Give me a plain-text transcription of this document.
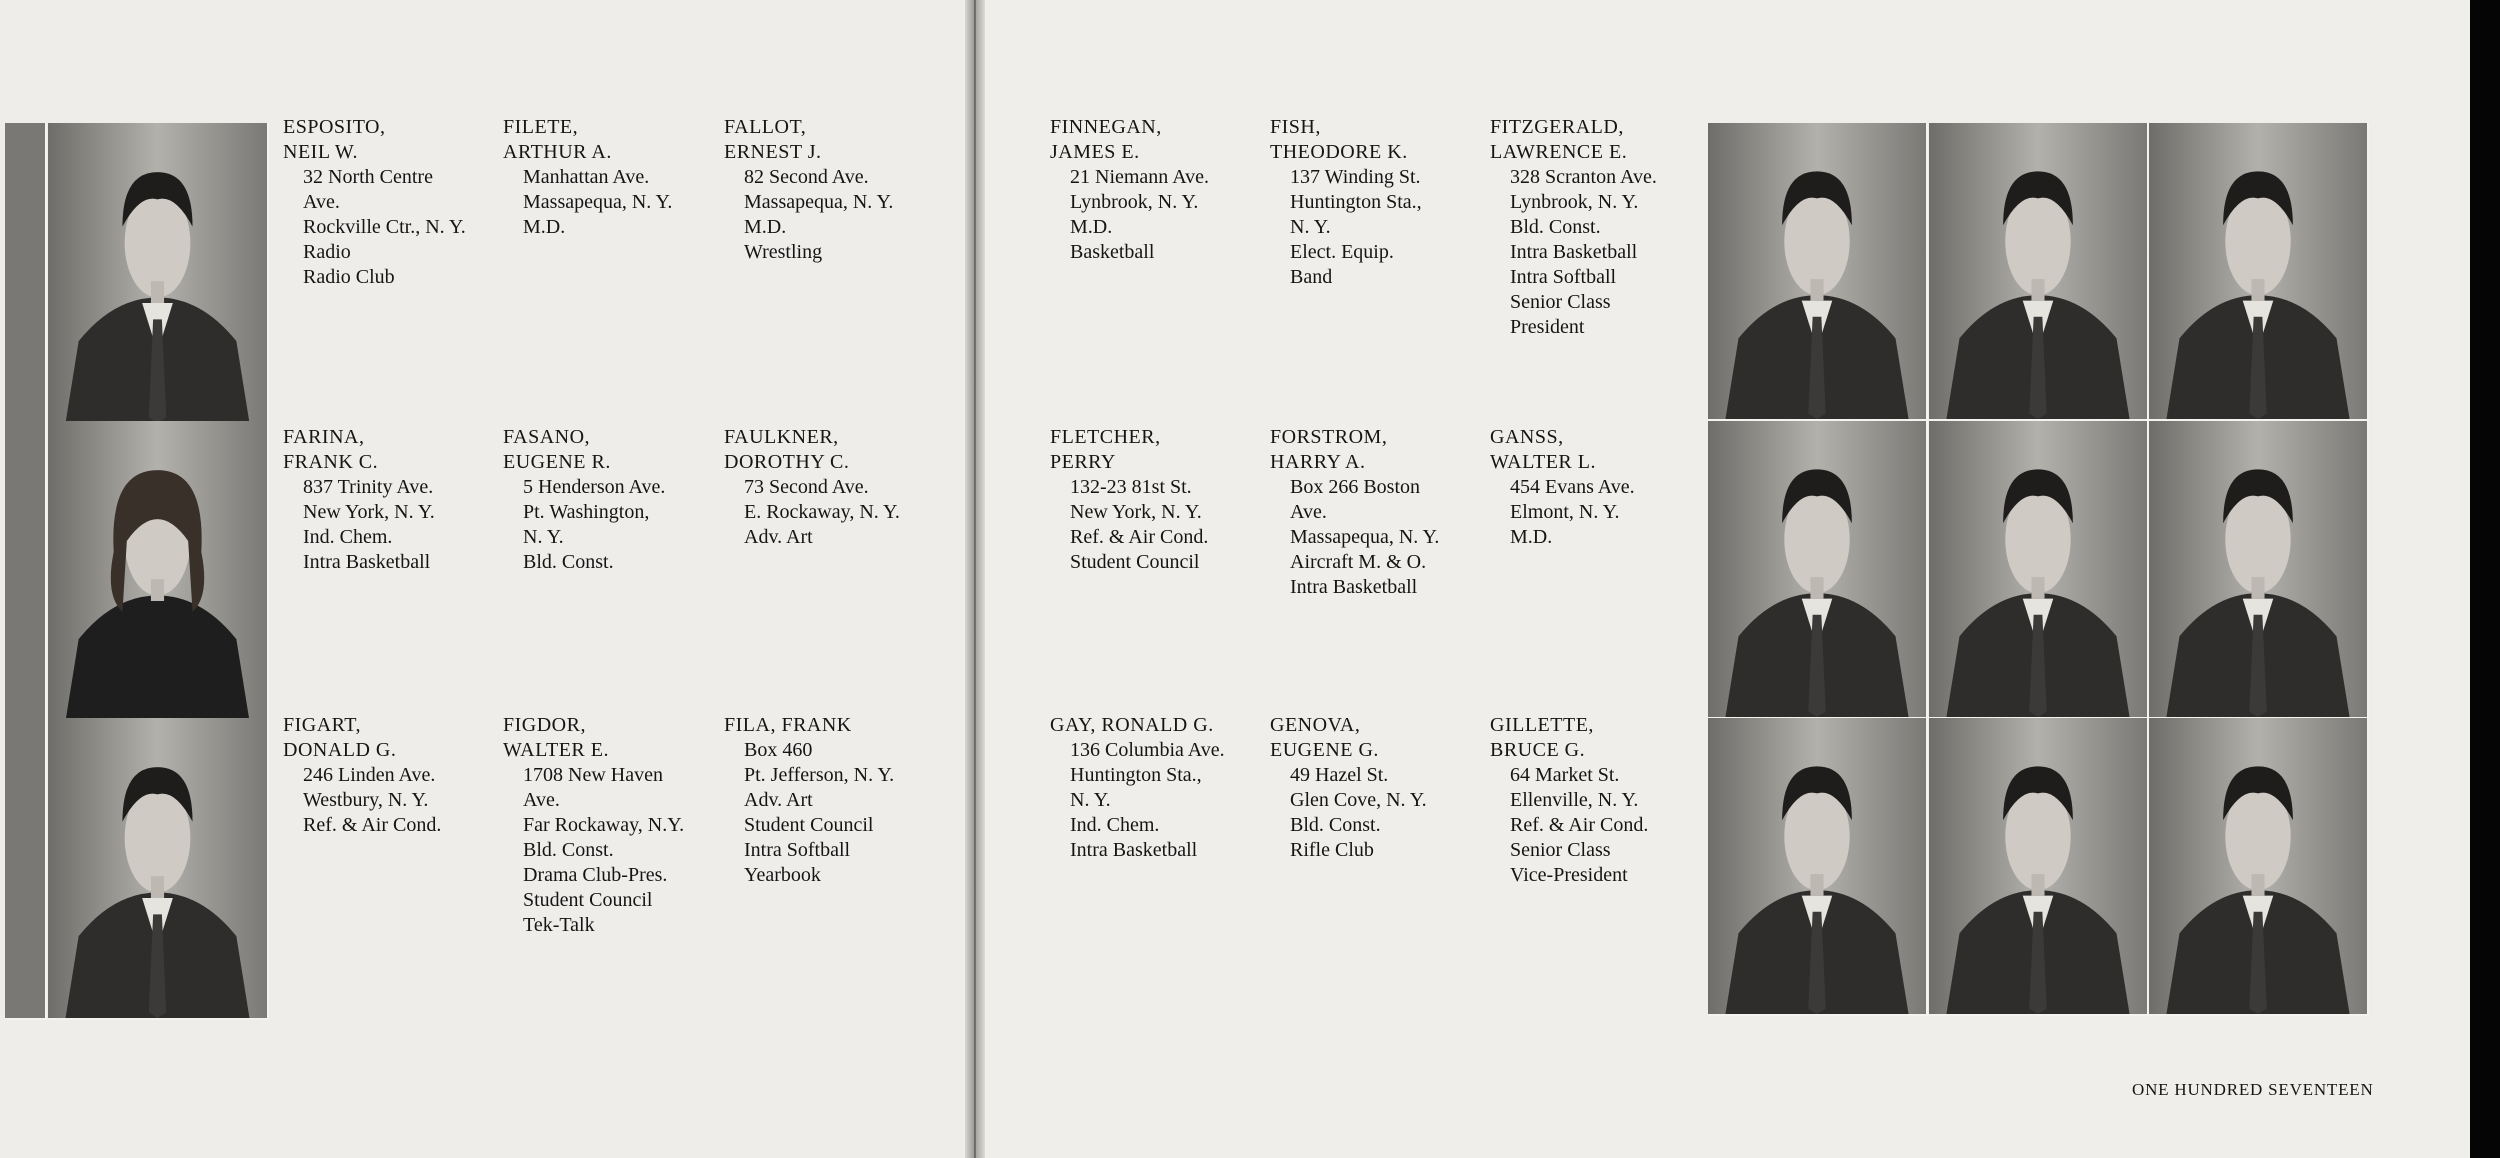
ESPOSITO,
NEIL W.
32 North Centre
Ave.
Rockville Ctr., N. Y.
Radio
Radio Club
FILETE,
ARTHUR A.
Manhattan Ave.
Massapequa, N. Y.
M.D.
FALLOT,
ERNEST J.
82 Second Ave.
Massapequa, N. Y.
M.D.
Wrestling
FARINA,
FRANK C.
837 Trinity Ave.
New York, N. Y.
Ind. Chem.
Intra Basketball
FASANO,
EUGENE R.
5 Henderson Ave.
Pt. Washington,
N. Y.
Bld. Const.
FAULKNER,
DOROTHY C.
73 Second Ave.
E. Rockaway, N. Y.
Adv. Art
FIGART,
DONALD G.
246 Linden Ave.
Westbury, N. Y.
Ref. & Air Cond.
FIGDOR,
WALTER E.
1708 New Haven
Ave.
Far Rockaway, N.Y.
Bld. Const.
Drama Club-Pres.
Student Council
Tek-Talk
FILA, FRANK
Box 460
Pt. Jefferson, N. Y.
Adv. Art
Student Council
Intra Softball
Yearbook
FINNEGAN,
JAMES E.
21 Niemann Ave.
Lynbrook, N. Y.
M.D.
Basketball
FISH,
THEODORE K.
137 Winding St.
Huntington Sta.,
N. Y.
Elect. Equip.
Band
FITZGERALD,
LAWRENCE E.
328 Scranton Ave.
Lynbrook, N. Y.
Bld. Const.
Intra Basketball
Intra Softball
Senior Class
President
FLETCHER,
PERRY
132-23 81st St.
New York, N. Y.
Ref. & Air Cond.
Student Council
FORSTROM,
HARRY A.
Box 266 Boston
Ave.
Massapequa, N. Y.
Aircraft M. & O.
Intra Basketball
GANSS,
WALTER L.
454 Evans Ave.
Elmont, N. Y.
M.D.
GAY, RONALD G.
136 Columbia Ave.
Huntington Sta.,
N. Y.
Ind. Chem.
Intra Basketball
GENOVA,
EUGENE G.
49 Hazel St.
Glen Cove, N. Y.
Bld. Const.
Rifle Club
GILLETTE,
BRUCE G.
64 Market St.
Ellenville, N. Y.
Ref. & Air Cond.
Senior Class
Vice-President
ONE HUNDRED SEVENTEEN
